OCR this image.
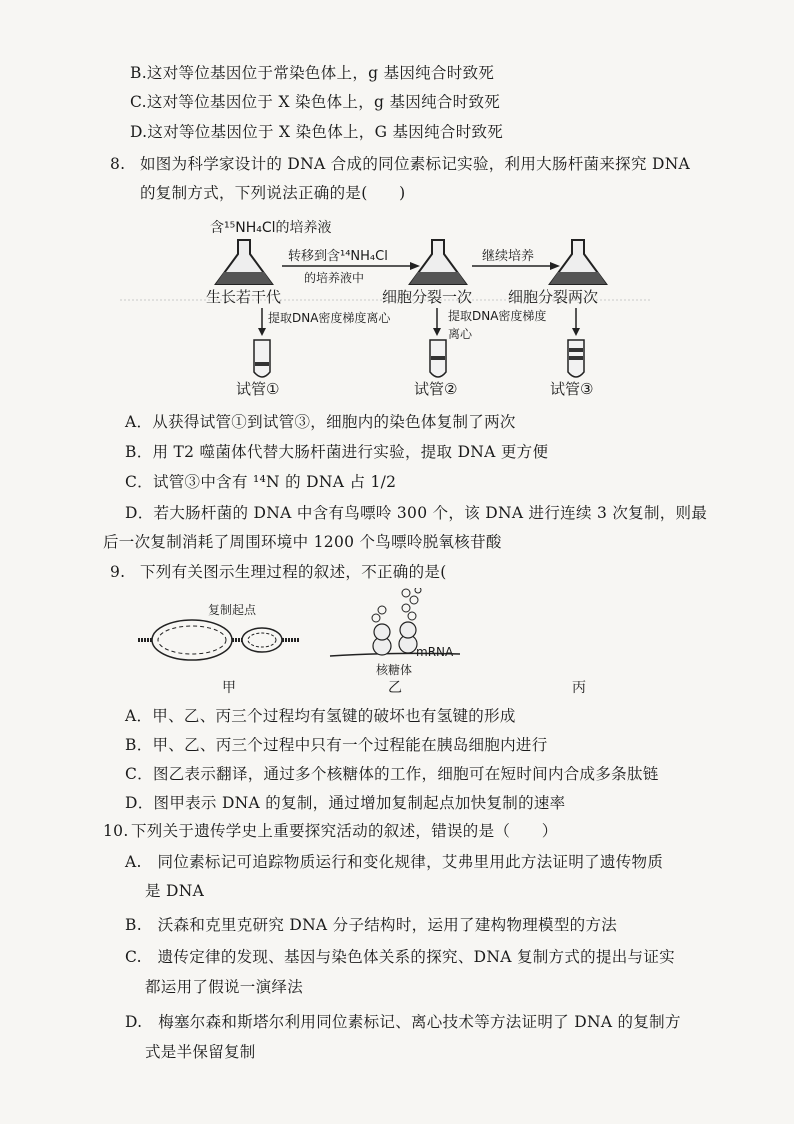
B.这对等位基因位于常染色体上，g 基因纯合时致死
C.这对等位基因位于 X 染色体上，g 基因纯合时致死
D.这对等位基因位于 X 染色体上，G 基因纯合时致死
8. 如图为科学家设计的 DNA 合成的同位素标记实验，利用大肠杆菌来探究 DNA
的复制方式，下列说法正确的是(　　)
含¹⁵NH₄Cl的培养液
转移到含¹⁴NH₄Cl
的培养液中
继续培养
生长若干代	细胞分裂一次 细胞分裂两次
提取DNA密度梯度离心	提取DNA密度梯度
离心
试管①	试管②	试管③
A．从获得试管①到试管③，细胞内的染色体复制了两次
B．用 T2 噬菌体代替大肠杆菌进行实验，提取 DNA 更方便
C．试管③中含有 ¹⁴N 的 DNA 占 1/2
D．若大肠杆菌的 DNA 中含有鸟嘌呤 300 个，该 DNA 进行连续 3 次复制，则最
后一次复制消耗了周围环境中 1200 个鸟嘌呤脱氧核苷酸
9. 下列有关图示生理过程的叙述，不正确的是(
复制起点
mRNA
核糖体
甲	乙	丙
A．甲、乙、丙三个过程均有氢键的破坏也有氢键的形成
B．甲、乙、丙三个过程中只有一个过程能在胰岛细胞内进行
C．图乙表示翻译，通过多个核糖体的工作，细胞可在短时间内合成多条肽链
D．图甲表示 DNA 的复制，通过增加复制起点加快复制的速率
10. 下列关于遗传学史上重要探究活动的叙述，错误的是（　　）
A.　同位素标记可追踪物质运行和变化规律，艾弗里用此方法证明了遗传物质
是 DNA
B.　沃森和克里克研究 DNA 分子结构时，运用了建构物理模型的方法
C.　遗传定律的发现、基因与染色体关系的探究、DNA 复制方式的提出与证实
都运用了假说一演绎法
D.　梅塞尔森和斯塔尔利用同位素标记、离心技术等方法证明了 DNA 的复制方
式是半保留复制
